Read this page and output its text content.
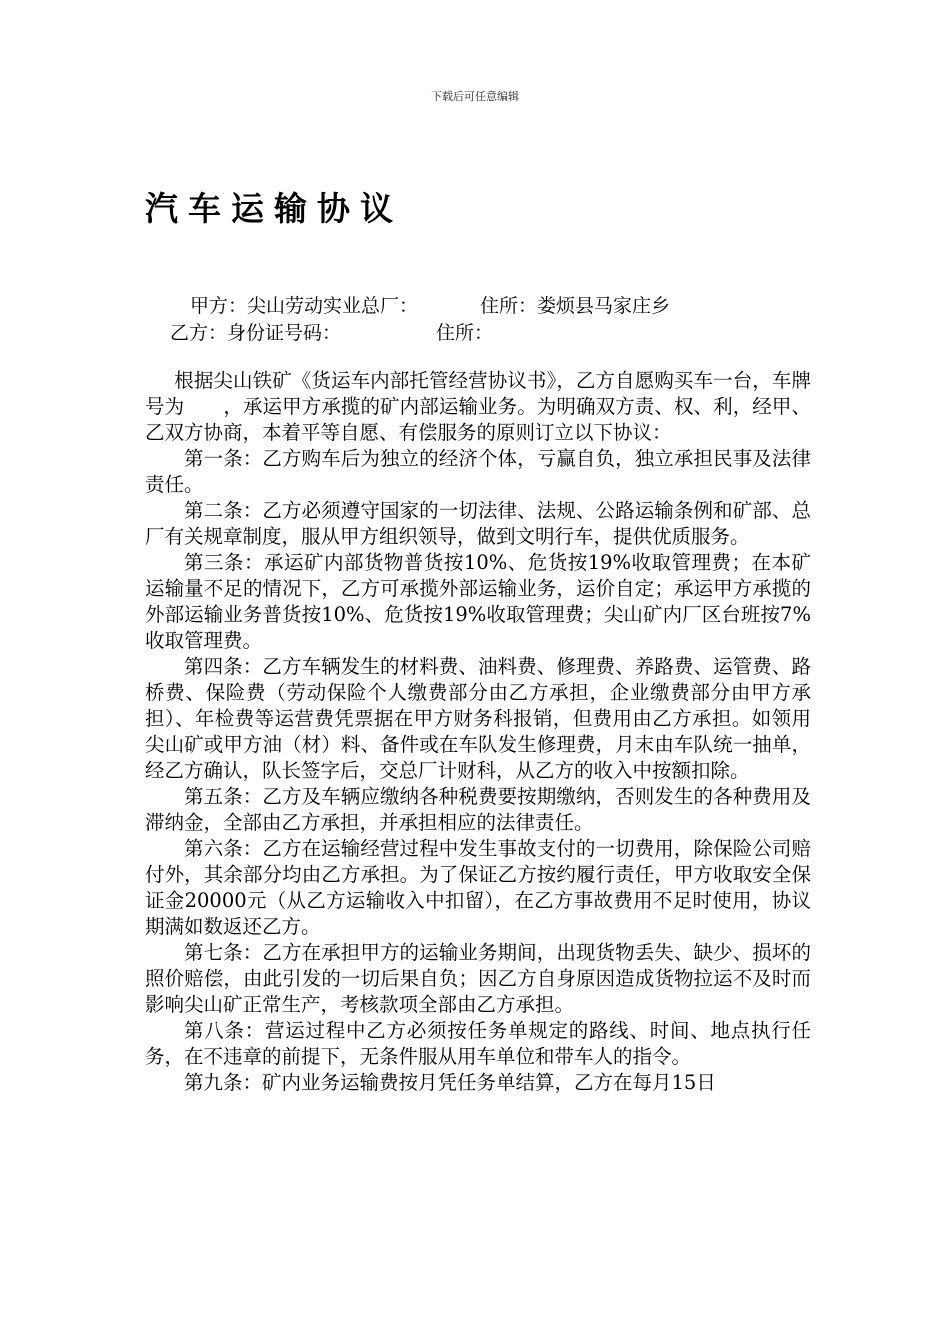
下载后可任意编辑
汽车运输协议
甲方：尖山劳动实业总厂：	住所：娄烦县马家庄乡
乙方：身份证号码：	住所：

根据尖山铁矿《货运车内部托管经营协议书》，乙方自愿购买车一台，车牌号为　　，承运甲方承揽的矿内部运输业务。为明确双方责、权、利，经甲、乙双方协商，本着平等自愿、有偿服务的原则订立以下协议：

第一条：乙方购车后为独立的经济个体，亏赢自负，独立承担民事及法律责任。

第二条：乙方必须遵守国家的一切法律、法规、公路运输条例和矿部、总厂有关规章制度，服从甲方组织领导，做到文明行车，提供优质服务。

第三条：承运矿内部货物普货按10%、危货按19%收取管理费；在本矿运输量不足的情况下，乙方可承揽外部运输业务，运价自定；承运甲方承揽的外部运输业务普货按10%、危货按19%收取管理费；尖山矿内厂区台班按7%收取管理费。

第四条：乙方车辆发生的材料费、油料费、修理费、养路费、运管费、路桥费、保险费（劳动保险个人缴费部分由乙方承担，企业缴费部分由甲方承担）、年检费等运营费凭票据在甲方财务科报销，但费用由乙方承担。如领用尖山矿或甲方油（材）料、备件或在车队发生修理费，月末由车队统一抽单，经乙方确认，队长签字后，交总厂计财科，从乙方的收入中按额扣除。

第五条：乙方及车辆应缴纳各种税费要按期缴纳，否则发生的各种费用及滞纳金，全部由乙方承担，并承担相应的法律责任。

第六条：乙方在运输经营过程中发生事故支付的一切费用，除保险公司赔付外，其余部分均由乙方承担。为了保证乙方按约履行责任，甲方收取安全保证金20000元（从乙方运输收入中扣留），在乙方事故费用不足时使用，协议期满如数返还乙方。

第七条：乙方在承担甲方的运输业务期间，出现货物丢失、缺少、损坏的照价赔偿，由此引发的一切后果自负；因乙方自身原因造成货物拉运不及时而影响尖山矿正常生产，考核款项全部由乙方承担。

第八条：营运过程中乙方必须按任务单规定的路线、时间、地点执行任务，在不违章的前提下，无条件服从用车单位和带车人的指令。

第九条：矿内业务运输费按月凭任务单结算，乙方在每月15日
